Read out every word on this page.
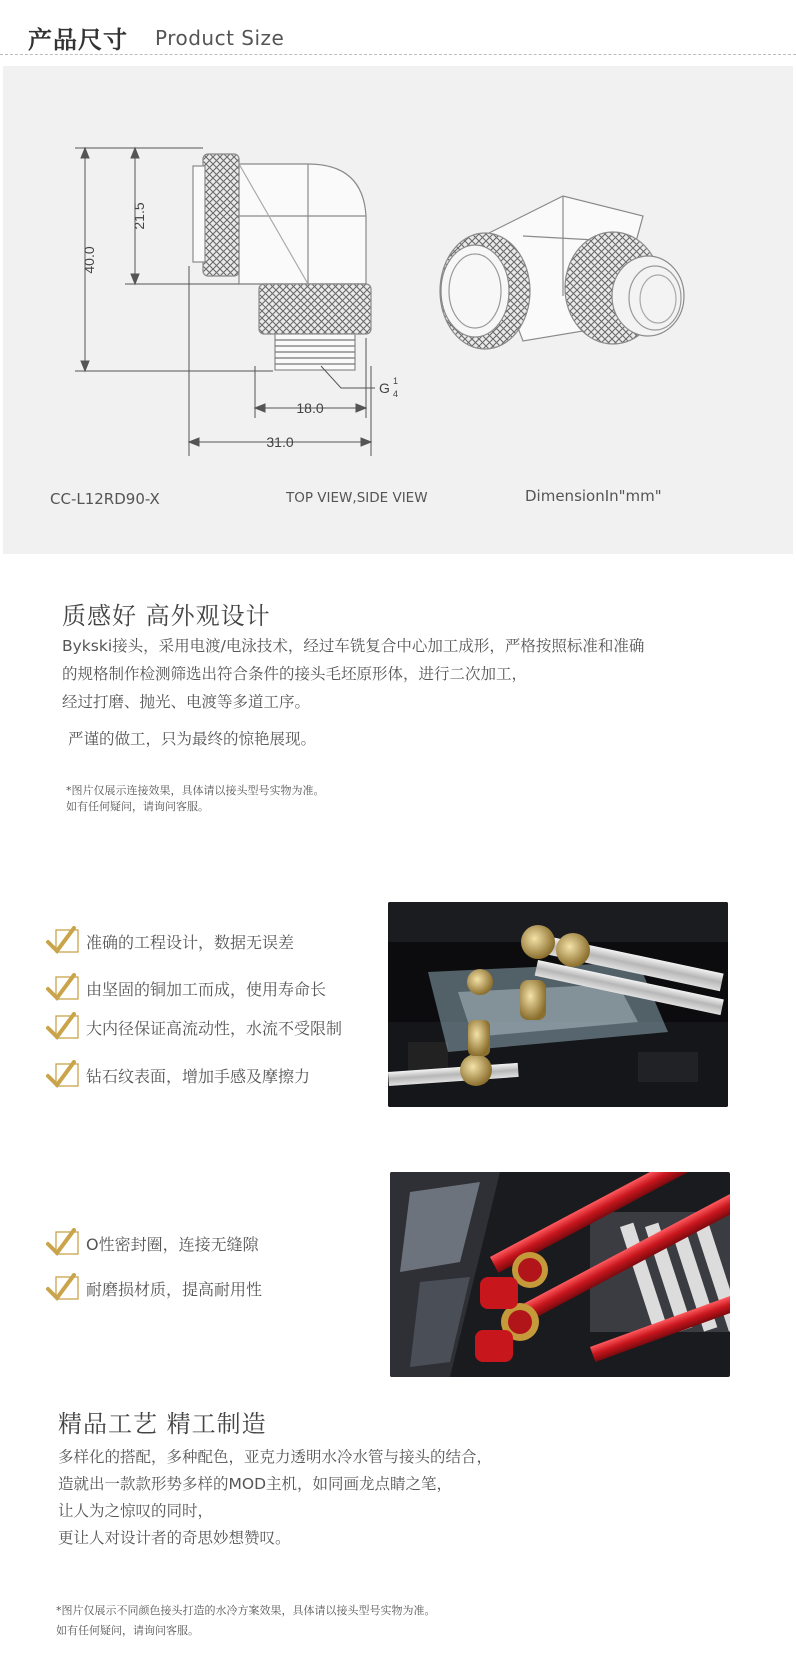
产品尺寸 Product Size
40.0
21.5
18.0
31.0
G 1
4
CC-L12RD90-X	TOP VIEW,SIDE VIEW	DimensionIn"mm"
质感好 高外观设计
Bykski接头，采用电渡/电泳技术，经过车铣复合中心加工成形，严格按照标准和准确
的规格制作检测筛选出符合条件的接头毛坯原形体，进行二次加工，
经过打磨、抛光、电渡等多道工序。
严谨的做工，只为最终的惊艳展现。
*图片仅展示连接效果，具体请以接头型号实物为准。
如有任何疑问，请询问客服。
准确的工程设计，数据无误差
由坚固的铜加工而成，使用寿命长
大内径保证高流动性，水流不受限制
钻石纹表面，增加手感及摩擦力
O性密封圈，连接无缝隙
耐磨损材质，提高耐用性
精品工艺 精工制造
多样化的搭配，多种配色，亚克力透明水冷水管与接头的结合，
造就出一款款形势多样的MOD主机，如同画龙点睛之笔，
让人为之惊叹的同时，
更让人对设计者的奇思妙想赞叹。
*图片仅展示不同颜色接头打造的水冷方案效果，具体请以接头型号实物为准。
如有任何疑问，请询问客服。
